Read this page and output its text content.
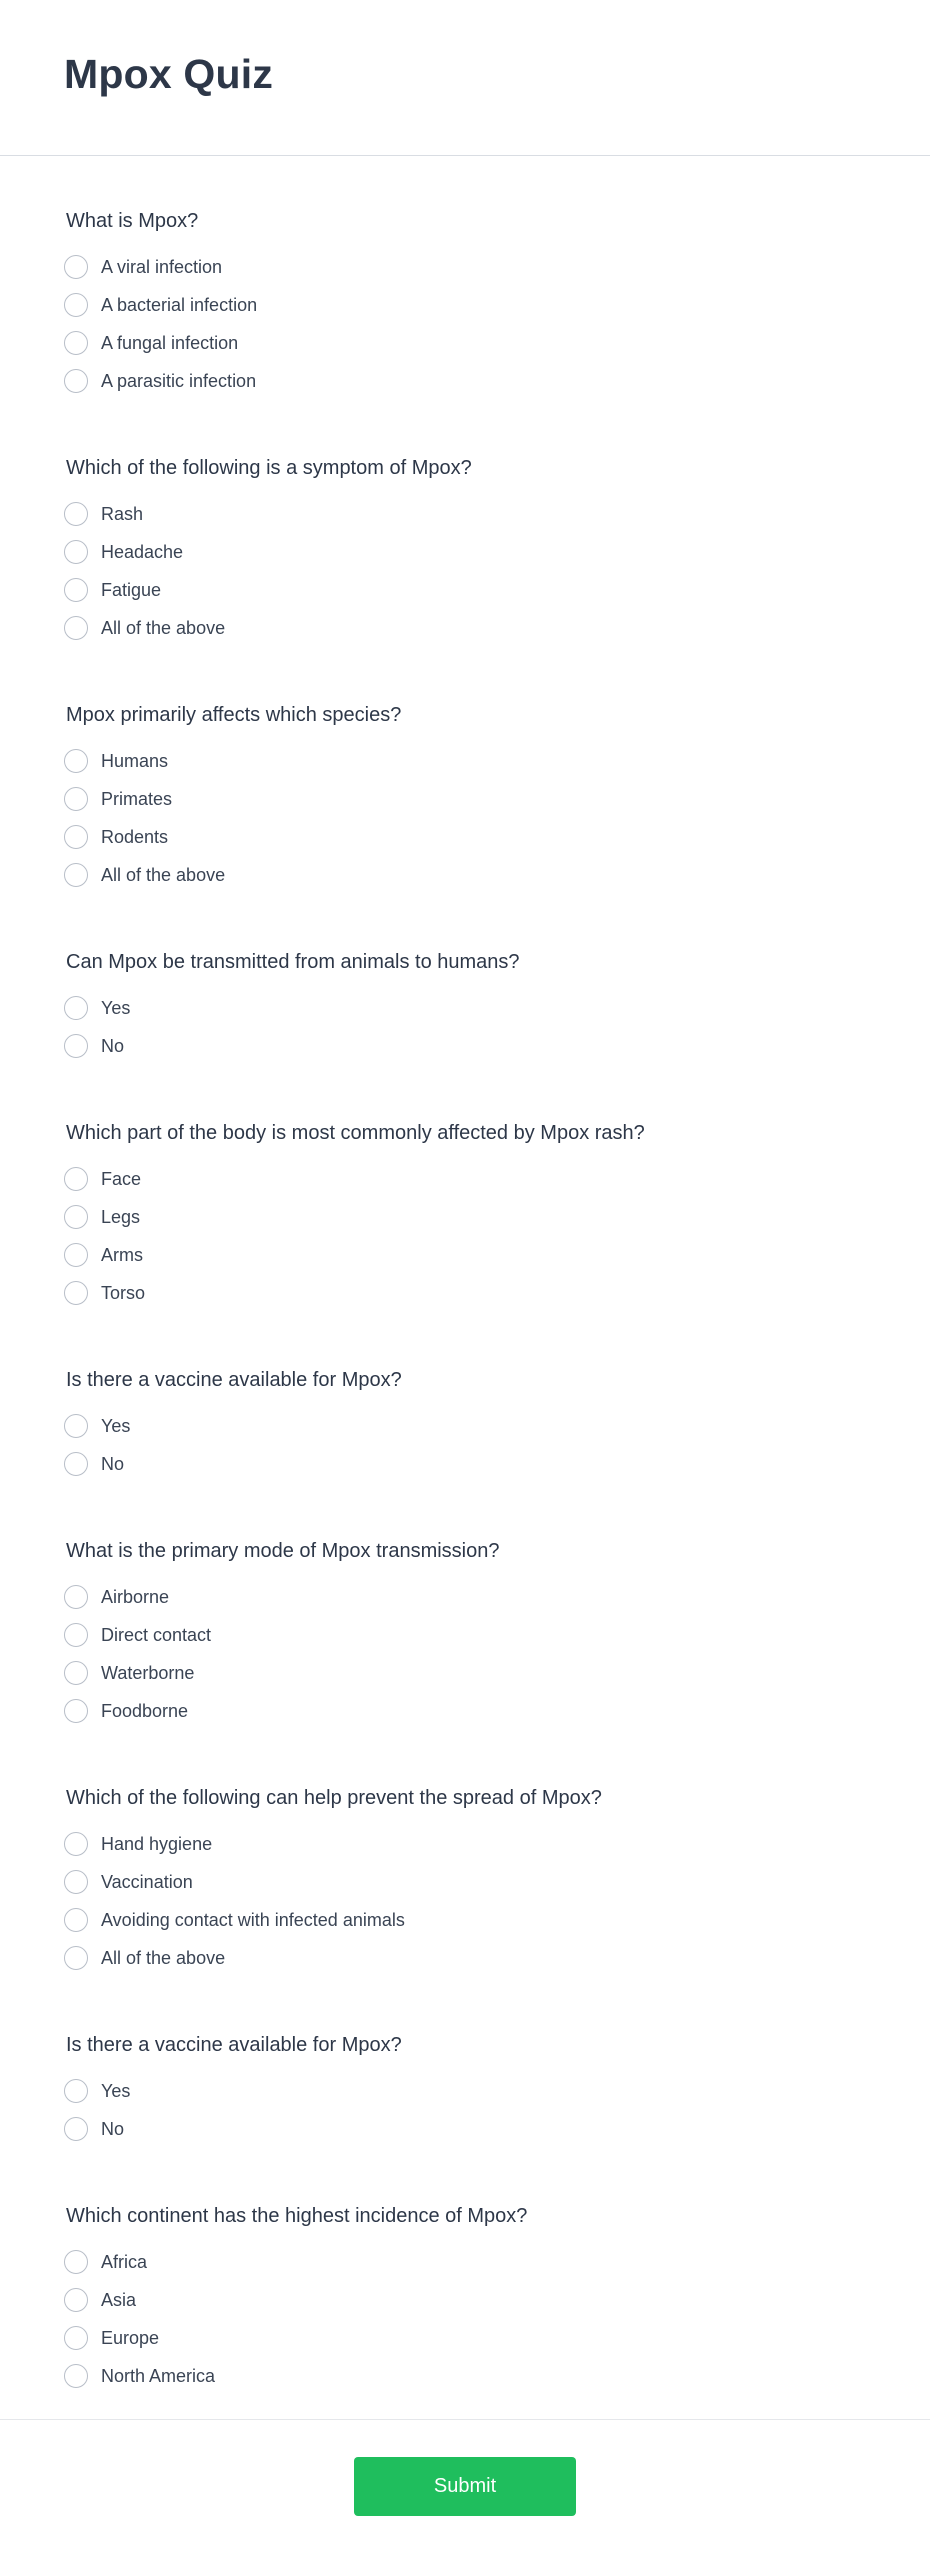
Mpox Quiz
What is Mpox?
A viral infection
A bacterial infection
A fungal infection
A parasitic infection
Which of the following is a symptom of Mpox?
Rash
Headache
Fatigue
All of the above
Mpox primarily affects which species?
Humans
Primates
Rodents
All of the above
Can Mpox be transmitted from animals to humans?
Yes
No
Which part of the body is most commonly affected by Mpox rash?
Face
Legs
Arms
Torso
Is there a vaccine available for Mpox?
Yes
No
What is the primary mode of Mpox transmission?
Airborne
Direct contact
Waterborne
Foodborne
Which of the following can help prevent the spread of Mpox?
Hand hygiene
Vaccination
Avoiding contact with infected animals
All of the above
Is there a vaccine available for Mpox?
Yes
No
Which continent has the highest incidence of Mpox?
Africa
Asia
Europe
North America
Submit
